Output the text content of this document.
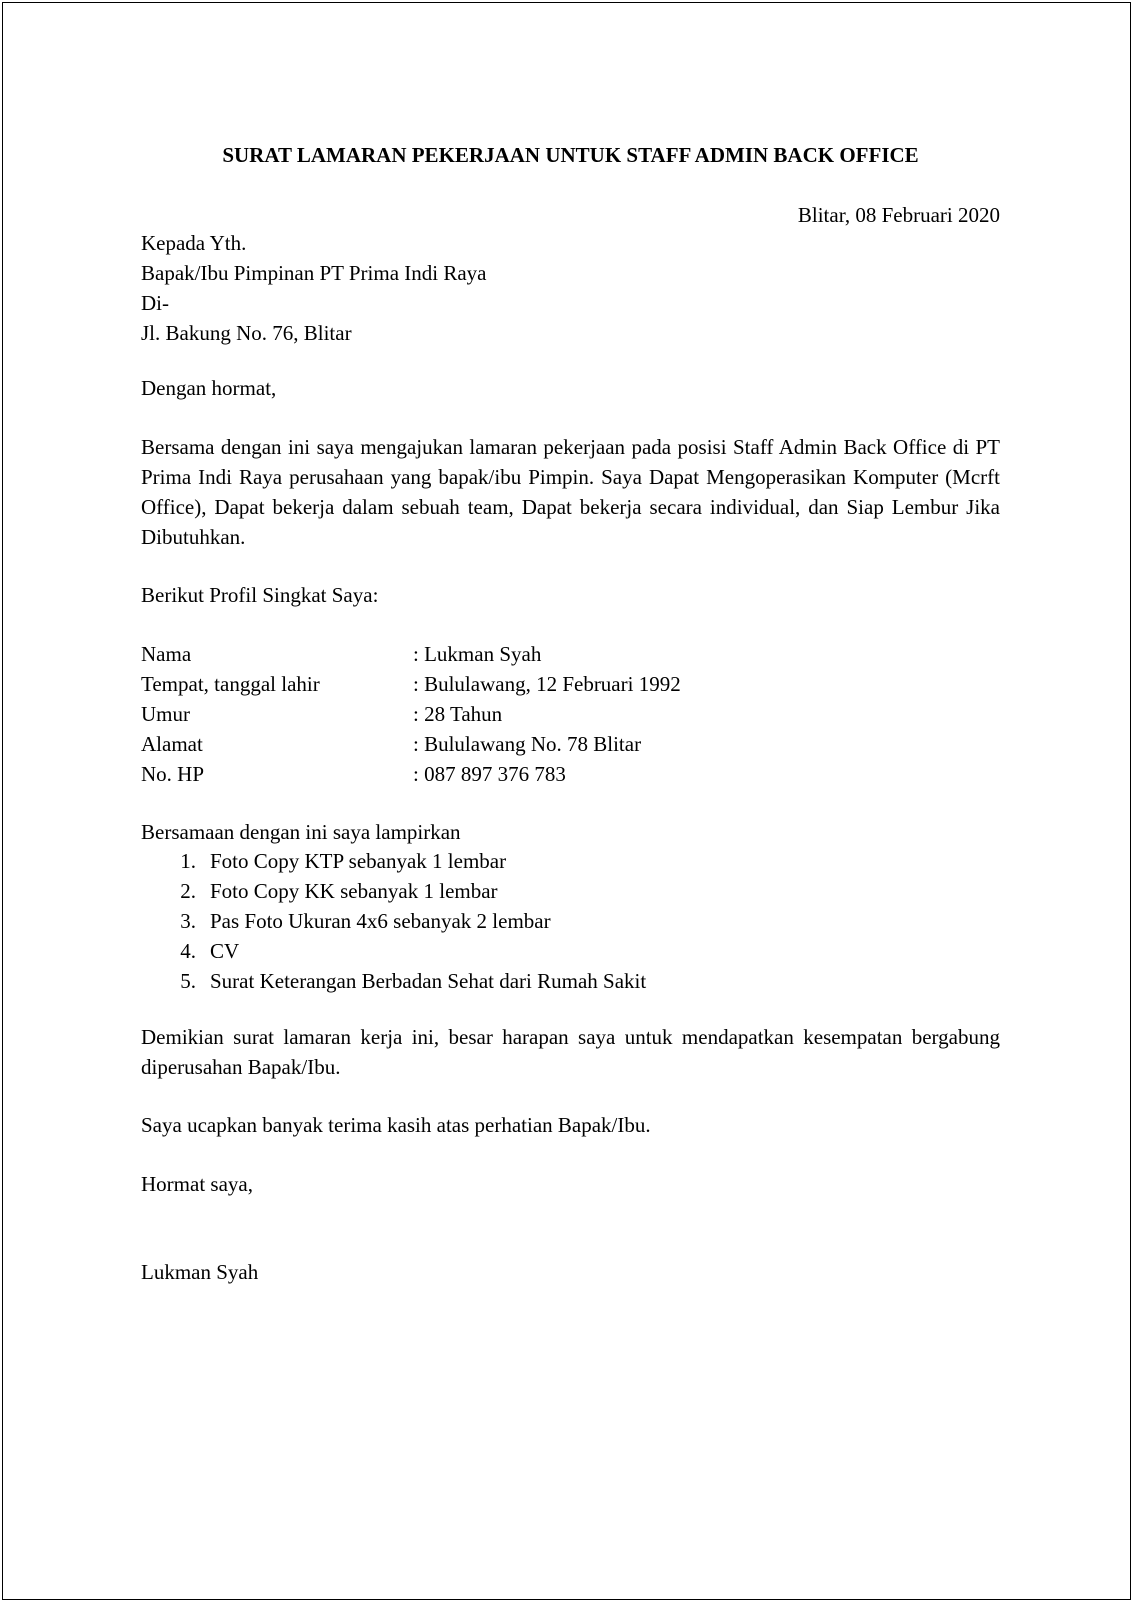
SURAT LAMARAN PEKERJAAN UNTUK STAFF ADMIN BACK OFFICE
Blitar, 08 Februari 2020
Kepada Yth.
Bapak/Ibu Pimpinan PT Prima Indi Raya
Di-
Jl. Bakung No. 76, Blitar
Dengan hormat,
Bersama dengan ini saya mengajukan lamaran pekerjaan pada posisi Staff Admin Back Office di PT Prima Indi Raya perusahaan yang bapak/ibu Pimpin. Saya Dapat Mengoperasikan Komputer (Mcrft Office), Dapat bekerja dalam sebuah team, Dapat bekerja secara individual, dan Siap Lembur Jika Dibutuhkan.
Berikut Profil Singkat Saya:
Nama	: Lukman Syah
Tempat, tanggal lahir	: Bululawang, 12 Februari 1992
Umur	: 28 Tahun
Alamat	: Bululawang No. 78 Blitar
No. HP	: 087 897 376 783
Bersamaan dengan ini saya lampirkan
1. Foto Copy KTP sebanyak 1 lembar
2. Foto Copy KK sebanyak 1 lembar
3. Pas Foto Ukuran 4x6 sebanyak 2 lembar
4. CV
5. Surat Keterangan Berbadan Sehat dari Rumah Sakit
Demikian surat lamaran kerja ini, besar harapan saya untuk mendapatkan kesempatan bergabung diperusahan Bapak/Ibu.
Saya ucapkan banyak terima kasih atas perhatian Bapak/Ibu.
Hormat saya,
Lukman Syah
